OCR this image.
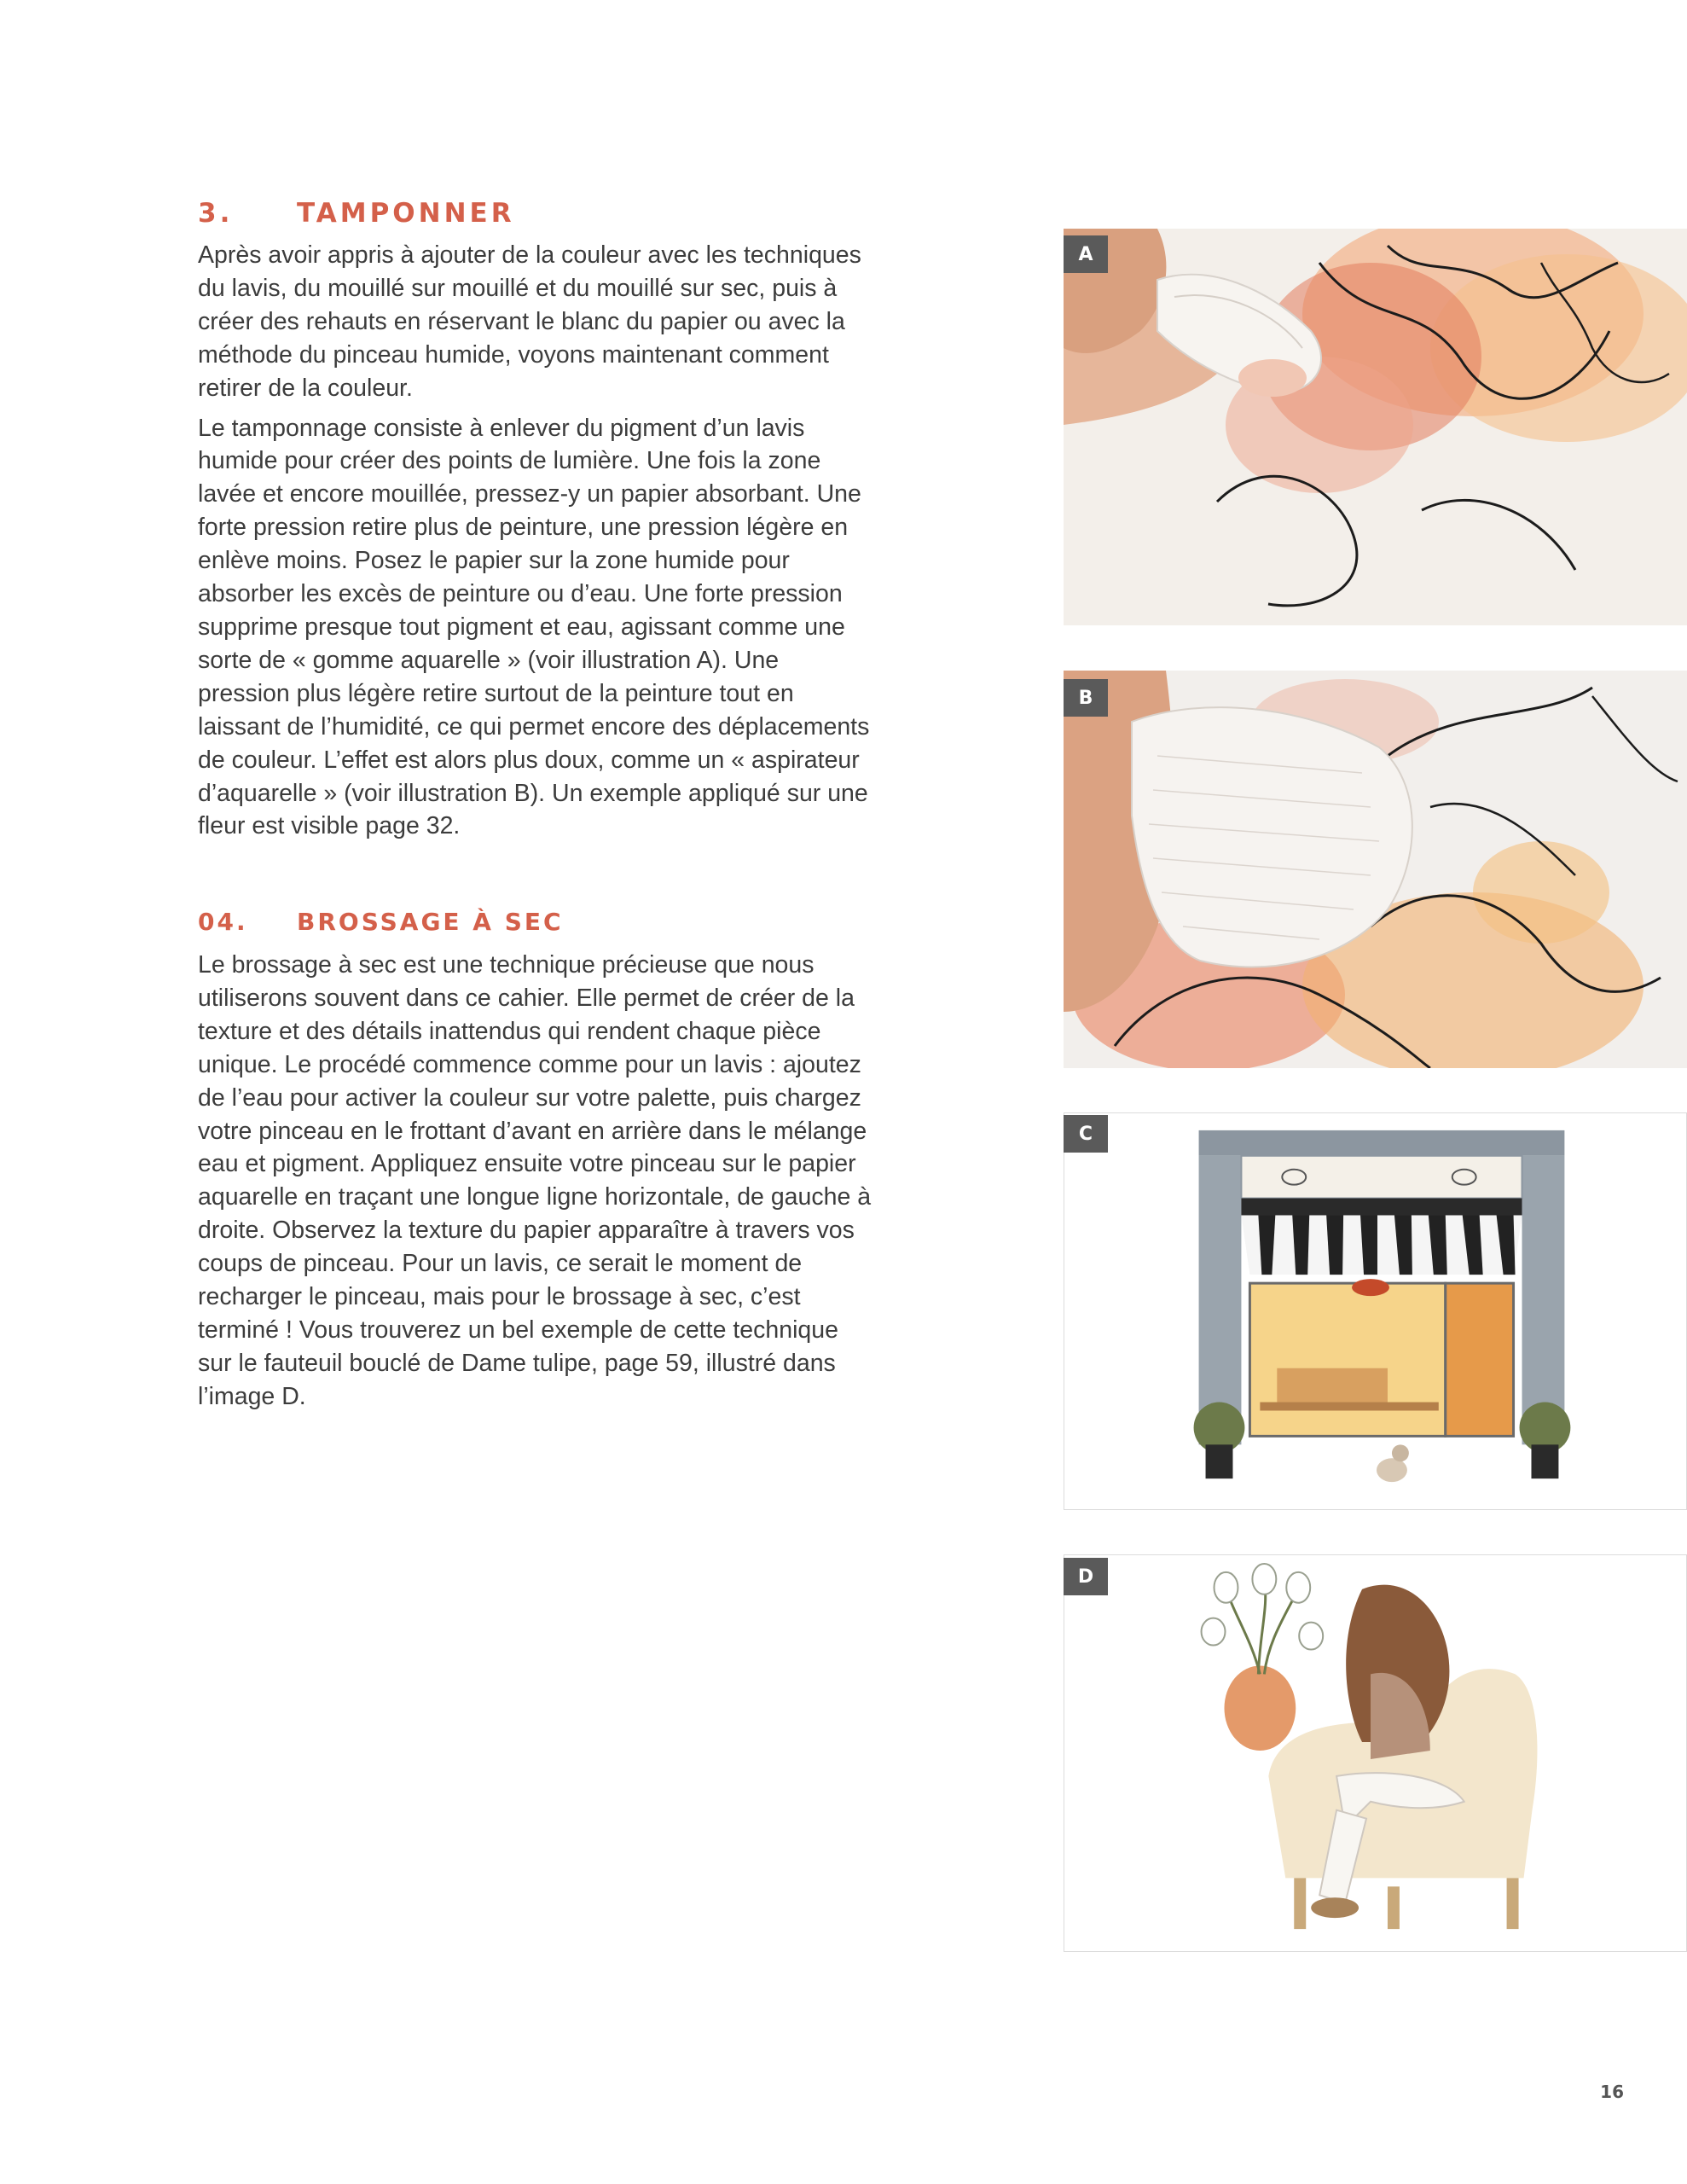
3. TAMPONNER

Après avoir appris à ajouter de la couleur avec les techniques du lavis, du mouillé sur mouillé et du mouillé sur sec, puis à créer des rehauts en réservant le blanc du papier ou avec la méthode du pinceau humide, voyons maintenant comment retirer de la couleur.

Le tamponnage consiste à enlever du pigment d’un lavis humide pour créer des points de lumière. Une fois la zone lavée et encore mouillée, pressez-y un papier absorbant. Une forte pression retire plus de peinture, une pression légère en enlève moins. Posez le papier sur la zone humide pour absorber les excès de peinture ou d’eau. Une forte pression supprime presque tout pigment et eau, agissant comme une sorte de « gomme aquarelle » (voir illustration A). Une pression plus légère retire surtout de la peinture tout en laissant de l’humidité, ce qui permet encore des déplacements de couleur. L’effet est alors plus doux, comme un « aspirateur d’aquarelle » (voir illustration B). Un exemple appliqué sur une fleur est visible page 32.

04. BROSSAGE À SEC

Le brossage à sec est une technique précieuse que nous utiliserons souvent dans ce cahier. Elle permet de créer de la texture et des détails inattendus qui rendent chaque pièce unique. Le procédé commence comme pour un lavis : ajoutez de l’eau pour activer la couleur sur votre palette, puis chargez votre pinceau en le frottant d’avant en arrière dans le mélange eau et pigment. Appliquez ensuite votre pinceau sur le papier aquarelle en traçant une longue ligne horizontale, de gauche à droite. Observez la texture du papier apparaître à travers vos coups de pinceau. Pour un lavis, ce serait le moment de recharger le pinceau, mais pour le brossage à sec, c’est terminé ! Vous trouverez un bel exemple de cette technique sur le fauteuil bouclé de Dame tulipe, page 59, illustré dans l’image D.

A
B
C
D
16
